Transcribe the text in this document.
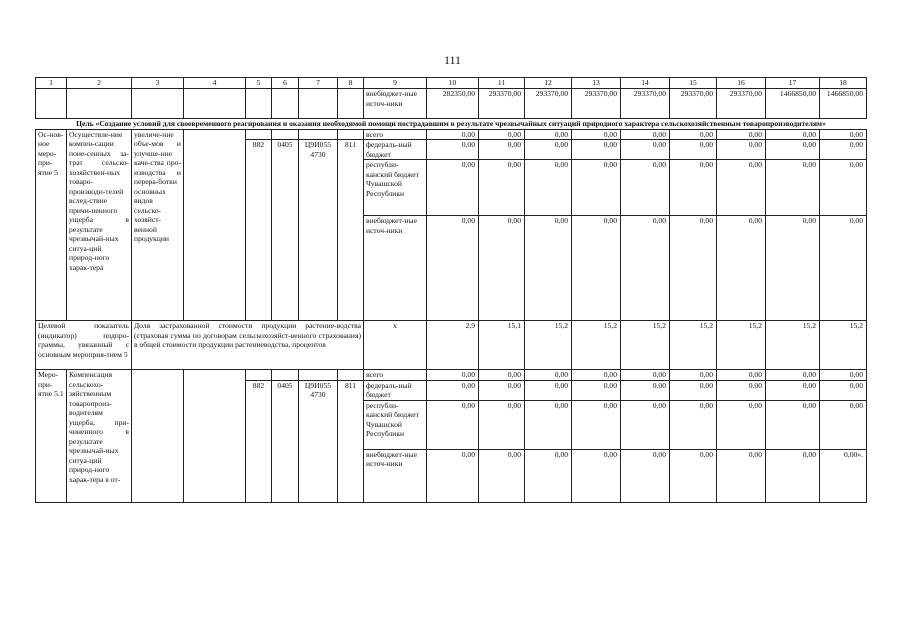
111
1	2	3	4	5	6	7	8	9	10	11	12	13	14	15	16	17	18
								внебюджет-ные источ-ники	282350,00	293370,00	293370,00	293370,00	293370,00	293370,00	293370,00	1466850,00	1466850,00
Цель «Создание условий для своевременного реагирования и оказания необходимой помощи пострадавшим в результате чрезвычайных ситуаций природного характера сельскохозяйственным товаропроизводителям»																	
Ос-нов-ное меро-при-ятие 5	Осуществле-ние компен-сации поне-сенных за-трат сельско-хозяйствен-ных товаро-производи-телей вслед-ствие причи-ненного ущерба в результате чрезвычай-ных ситуа-ций природ-ного харак-тера	увеличе-ние объе-мов и улучше-ние каче-ства про-изводства и перера-ботки основных видов сельско-хозяйст-венной продукции						всего	0,00	0,00	0,00	0,00	0,00	0,00	0,00	0,00	0,00
				882	0405	Ц9И055 4730	811	федераль-ный бюджет	0,00	0,00	0,00	0,00	0,00	0,00	0,00	0,00	0,00
								республи-канский бюджет Чувашской Республики	0,00	0,00	0,00	0,00	0,00	0,00	0,00	0,00	0,00
								внебюджет-ные источ-ники	0,00	0,00	0,00	0,00	0,00	0,00	0,00	0,00	0,00
Целевой показатель (индикатор) подпро-граммы, увязанный с основным мероприя-тием 5		Доля застрахованной стоимости продукции растение-водства (страховая сумма по договорам сельскохозяйст-венного страхования) в общей стоимости продукции растениеводства, процентов						x	2,9	15,1	15,2	15,2	15,2	15,2	15,2	15,2	15,2
Меро-при-ятие 5.1	Компенсация сельскохо-зяйственным товаропроиз-водителям ущерба, при-чиненного в результате чрезвычай-ных ситуа-ций природ-ного харак-тера в от-							всего	0,00	0,00	0,00	0,00	0,00	0,00	0,00	0,00	0,00
				882	0405	Ц9И055 4730	811	федераль-ный бюджет	0,00	0,00	0,00	0,00	0,00	0,00	0,00	0,00	0,00
								республи-канский бюджет Чувашской Республики	0,00	0,00	0,00	0,00	0,00	0,00	0,00	0,00	0,00
								внебюджет-ные источ-ники	0,00	0,00	0,00	0,00	0,00	0,00	0,00	0,00	0,00».
